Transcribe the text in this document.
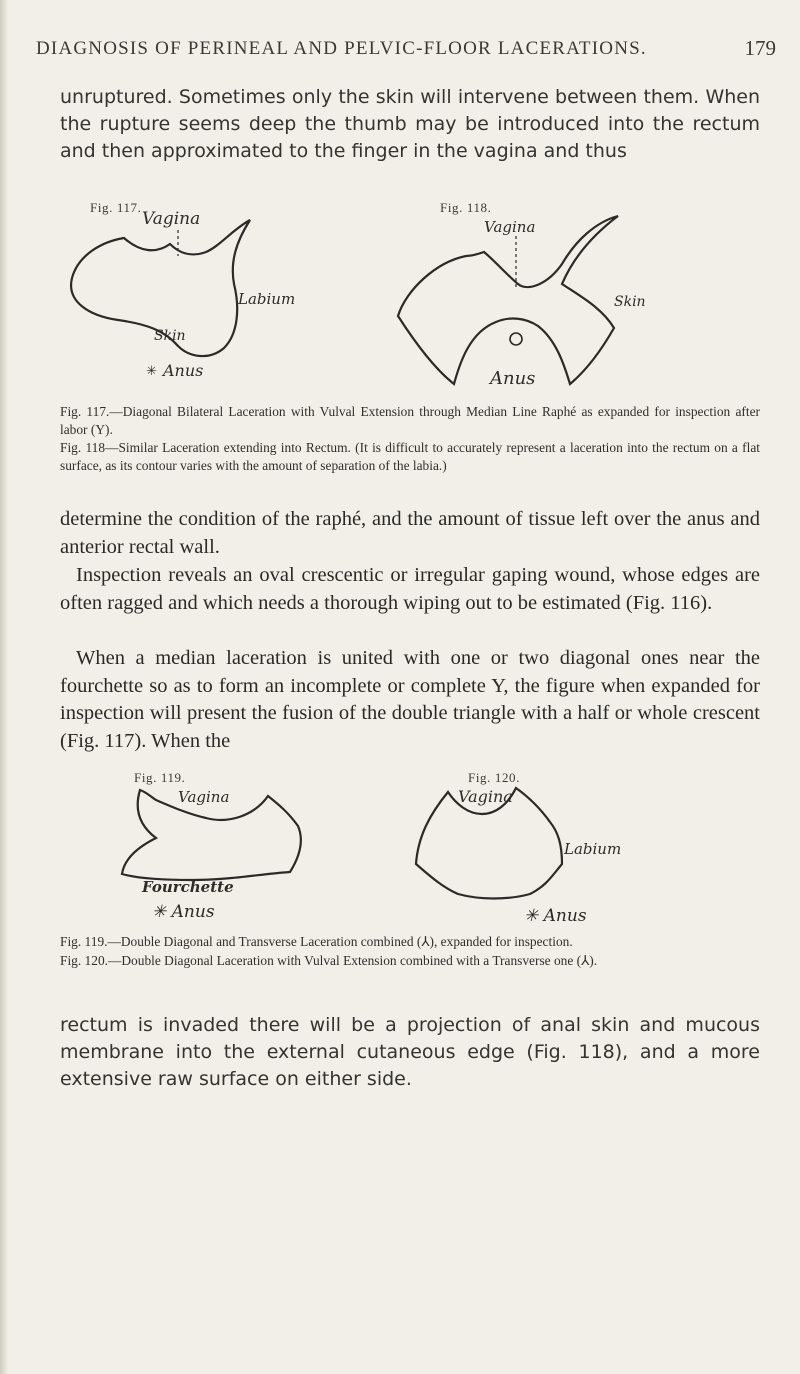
DIAGNOSIS OF PERINEAL AND PELVIC-FLOOR LACERATIONS.	179

unruptured. Sometimes only the skin will intervene between them. When the rupture seems deep the thumb may be introduced into the rectum and then approximated to the finger in the vagina and thus

Fig. 117.
Vagina
Labium
Skin
✳ Anus
Fig. 118.
Vagina
Skin
Anus

Fig. 117.—Diagonal Bilateral Laceration with Vulval Extension through Median Line Raphé as expanded for inspection after labor (Y).

Fig. 118—Similar Laceration extending into Rectum. (It is difficult to accurately represent a laceration into the rectum on a flat surface, as its contour varies with the amount of separation of the labia.)

determine the condition of the raphé, and the amount of tissue left over the anus and anterior rectal wall.

Inspection reveals an oval crescentic or irregular gaping wound, whose edges are often ragged and which needs a thorough wiping out to be estimated (Fig. 116).

When a median laceration is united with one or two diagonal ones near the fourchette so as to form an incomplete or complete Y, the figure when expanded for inspection will present the fusion of the double triangle with a half or whole crescent (Fig. 117). When the

Fig. 119.
Vagina
Fourchette
✳ Anus
Fig. 120.
Vagina
Labium
✳ Anus

Fig. 119.—Double Diagonal and Transverse Laceration combined (⅄), expanded for inspection.

Fig. 120.—Double Diagonal Laceration with Vulval Extension combined with a Transverse one (⅄).

rectum is invaded there will be a projection of anal skin and mucous membrane into the external cutaneous edge (Fig. 118), and a more extensive raw surface on either side.
